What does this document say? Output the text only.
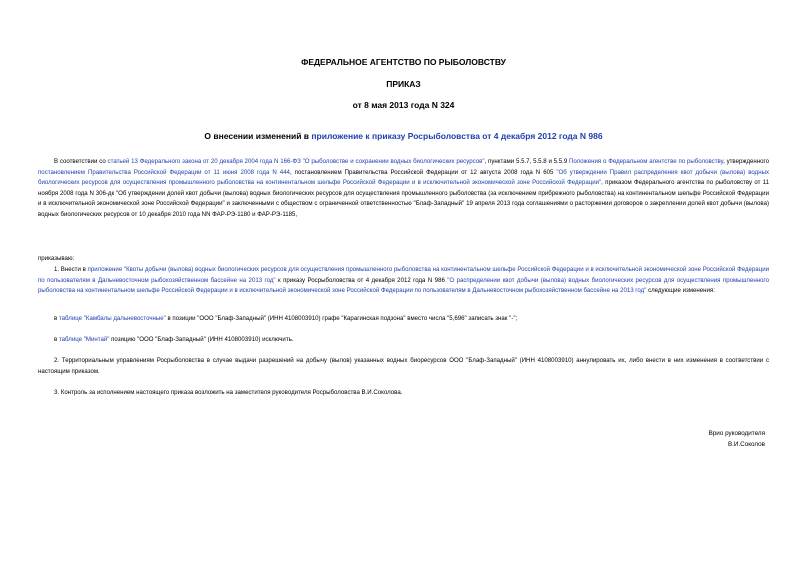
ФЕДЕРАЛЬНОЕ АГЕНТСТВО ПО РЫБОЛОВСТВУ
ПРИКАЗ
от 8 мая 2013 года N 324
О внесении изменений в приложение к приказу Росрыболовства от 4 декабря 2012 года N 986
В соответствии со статьей 13 Федерального закона от 20 декабря 2004 года N 166-ФЗ "О рыболовстве и сохранении водных биологических ресурсов", пунктами 5.5.7, 5.5.8 и 5.5.9 Положения о Федеральном агентстве по рыболовству, утвержденного постановлением Правительства Российской Федерации от 11 июня 2008 года N 444, постановлением Правительства Российской Федерации от 12 августа 2008 года N 605 "Об утверждении Правил распределения квот добычи (вылова) водных биологических ресурсов для осуществления промышленного рыболовства на континентальном шельфе Российской Федерации и в исключительной экономической зоне Российской Федерации", приказом Федерального агентства по рыболовству от 11 ноября 2008 года N 306-дк "Об утверждении долей квот добычи (вылова) водных биологических ресурсов для осуществления промышленного рыболовства (за исключением прибрежного рыболовства) на континентальном шельфе Российской Федерации и в исключительной экономической зоне Российской Федерации" и заключенными с обществом с ограниченной ответственностью "Блаф-Западный" 19 апреля 2013 года соглашениями о расторжении договоров о закреплении долей квот добычи (вылова) водных биологических ресурсов от 10 декабря 2010 года NN ФАР-РЭ-1180 и ФАР-РЭ-1185,
приказываю:
1. Внести в приложение "Квоты добычи (вылова) водных биологических ресурсов для осуществления промышленного рыболовства на континентальном шельфе Российской Федерации и в исключительной экономической зоне Российской Федерации по пользователям в Дальневосточном рыбохозяйственном бассейне на 2013 год" к приказу Росрыболовства от 4 декабря 2012 года N 986 "О распределении квот добычи (вылова) водных биологических ресурсов для осуществления промышленного рыболовства на континентальном шельфе Российской Федерации и в исключительной экономической зоне Российской Федерации по пользователям в Дальневосточном рыбохозяйственном бассейне на 2013 год" следующие изменения:
в таблице "Камбалы дальневосточные" в позиции "ООО "Блаф-Западный" (ИНН 4108003910) графе "Карагинская подзона" вместо числа "5,696" записать знак "-";
в таблице "Минтай" позицию "ООО "Блаф-Западный" (ИНН 4108003910) исключить.
2. Территориальным управлениям Росрыболовства в случае выдачи разрешений на добычу (вылов) указанных водных биоресурсов ООО "Блаф-Западный" (ИНН 4108003910) аннулировать их, либо внести в них изменения в соответствии с настоящим приказом.
3. Контроль за исполнением настоящего приказа возложить на заместителя руководителя Росрыболовства В.И.Соколова.
Врио руководителя
В.И.Соколов
